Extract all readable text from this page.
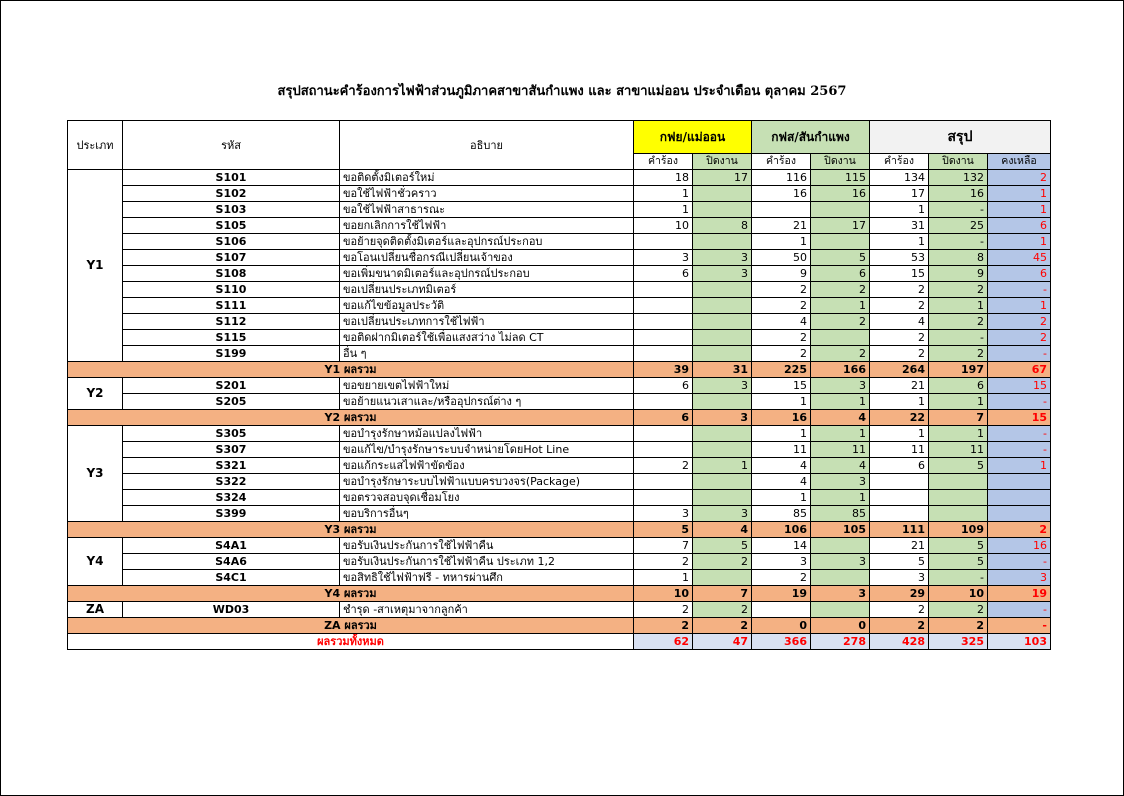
สรุปสถานะคำร้องการไฟฟ้าส่วนภูมิภาคสาขาสันกำแพง และ สาขาแม่ออน ประจำเดือน ตุลาคม 2567
ประเภท	รหัส	อธิบาย	กฟย/แม่ออน		กฟส/สันกำแพง		สรุป		
			คำร้อง	ปิดงาน	คำร้อง	ปิดงาน	คำร้อง	ปิดงาน	คงเหลือ
Y1	S101	ขอติดตั้งมิเตอร์ใหม่	18	17	116	115	134	132	2
	S102	ขอใช้ไฟฟ้าชั่วคราว	1		16	16	17	16	1
	S103	ขอใช้ไฟฟ้าสาธารณะ	1				1	-	1
	S105	ขอยกเลิกการใช้ไฟฟ้า	10	8	21	17	31	25	6
	S106	ขอย้ายจุดติดตั้งมิเตอร์และอุปกรณ์ประกอบ			1		1	-	1
	S107	ขอโอนเปลี่ยนชื่อกรณีเปลี่ยนเจ้าของ	3	3	50	5	53	8	45
	S108	ขอเพิ่มขนาดมิเตอร์และอุปกรณ์ประกอบ	6	3	9	6	15	9	6
	S110	ขอเปลี่ยนประเภทมิเตอร์			2	2	2	2	-
	S111	ขอแก้ไขข้อมูลประวัติ			2	1	2	1	1
	S112	ขอเปลี่ยนประเภทการใช้ไฟฟ้า			4	2	4	2	2
	S115	ขอติดฝากมิเตอร์ใช้เพื่อแสงสว่าง ไม่ลด CT			2		2	-	2
	S199	อื่น ๆ			2	2	2	2	-
Y1 ผลรวม			39	31	225	166	264	197	67
Y2	S201	ขอขยายเขตไฟฟ้าใหม่	6	3	15	3	21	6	15
	S205	ขอย้ายแนวเสาและ/หรืออุปกรณ์ต่าง ๆ			1	1	1	1	-
Y2 ผลรวม			6	3	16	4	22	7	15
Y3	S305	ขอบำรุงรักษาหม้อแปลงไฟฟ้า			1	1	1	1	-
	S307	ขอแก้ไข/บำรุงรักษาระบบจำหน่ายโดยHot Line			11	11	11	11	-
	S321	ขอแก้กระแสไฟฟ้าขัดข้อง	2	1	4	4	6	5	1
	S322	ขอบำรุงรักษาระบบไฟฟ้าแบบครบวงจร(Package)			4	3			
	S324	ขอตรวจสอบจุดเชื่อมโยง			1	1			
	S399	ขอบริการอื่นๆ	3	3	85	85			
Y3 ผลรวม			5	4	106	105	111	109	2
Y4	S4A1	ขอรับเงินประกันการใช้ไฟฟ้าคืน	7	5	14		21	5	16
	S4A6	ขอรับเงินประกันการใช้ไฟฟ้าคืน ประเภท 1,2	2	2	3	3	5	5	-
	S4C1	ขอสิทธิใช้ไฟฟ้าฟรี - ทหารผ่านศึก	1		2		3	-	3
Y4 ผลรวม			10	7	19	3	29	10	19
ZA	WD03	ชำรุด -สาเหตุมาจากลูกค้า	2	2			2	2	-
ZA ผลรวม			2	2	0	0	2	2	-
ผลรวมทั้งหมด			62	47	366	278	428	325	103
